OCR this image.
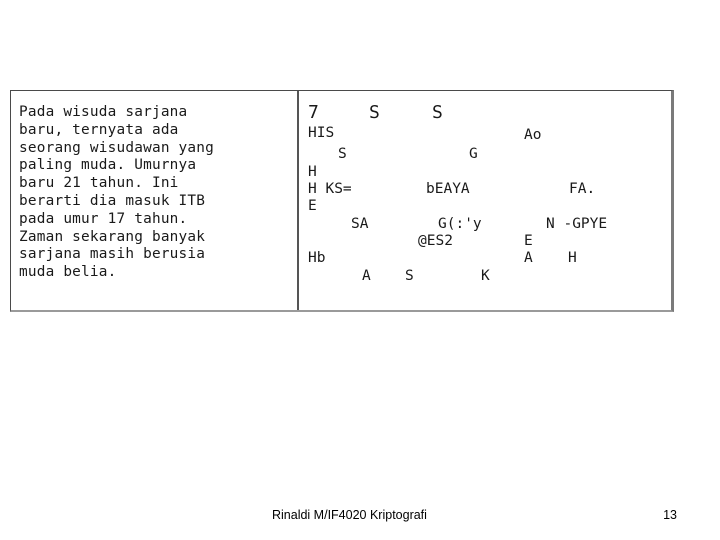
Pada wisuda sarjana
baru, ternyata ada
seorang wisudawan yang
paling muda. Umurnya
baru 21 tahun. Ini
berarti dia masuk ITB
pada umur 17 tahun.
Zaman sekarang banyak
sarjana masih berusia
muda belia.
7	S	S
HIS	Ao
S	G
H
H KS=	bEAYA	FA.
E
SA	G(:'y	N -GPYE
@ES2	E
Hb	A H
A S	K
Rinaldi M/IF4020 Kriptografi	13
